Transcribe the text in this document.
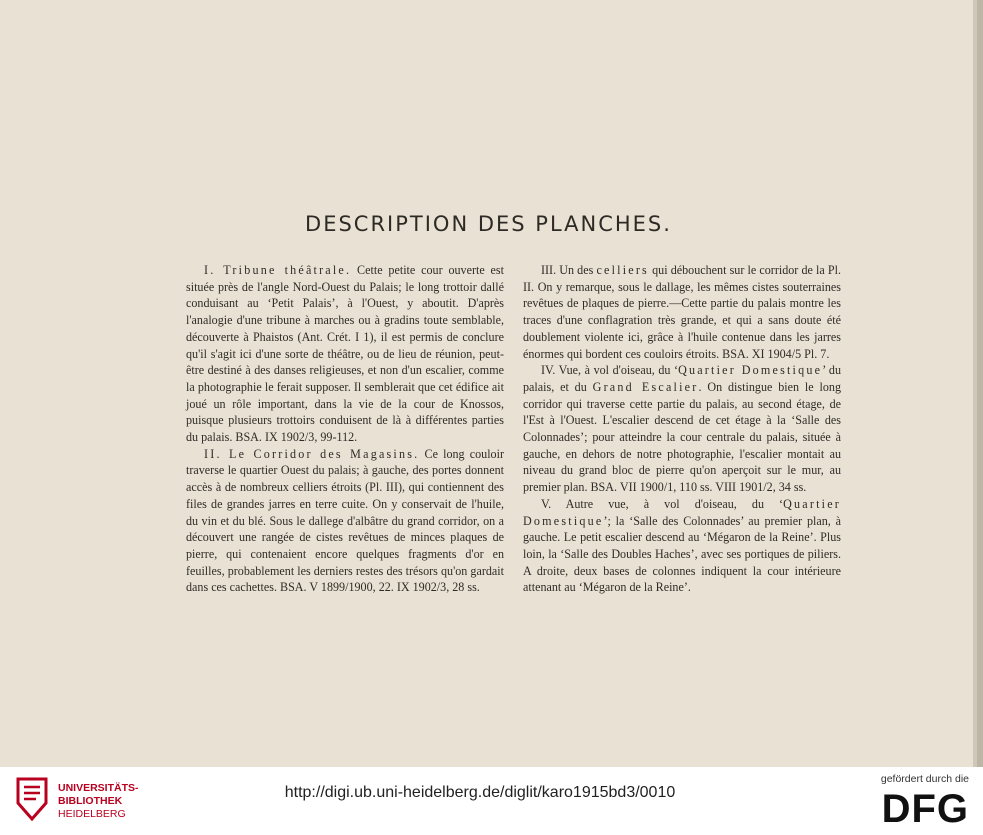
DESCRIPTION DES PLANCHES.

I. Tribune théâtrale. Cette petite cour ouverte est située près de l'angle Nord-Ouest du Palais; le long trottoir dallé conduisant au ‘Petit Palais’, à l'Ouest, y aboutit. D'après l'analogie d'une tribune à marches ou à gradins toute semblable, découverte à Phaistos (Ant. Crét. I 1), il est permis de conclure qu'il s'agit ici d'une sorte de théâtre, ou de lieu de réunion, peut-être destiné à des danses religieuses, et non d'un escalier, comme la photographie le ferait supposer. Il semblerait que cet édifice ait joué un rôle important, dans la vie de la cour de Knossos, puisque plusieurs trottoirs conduisent de là à différentes parties du palais. BSA. IX 1902/3, 99-112.

II. Le Corridor des Magasins. Ce long couloir traverse le quartier Ouest du palais; à gauche, des portes donnent accès à de nombreux celliers étroits (Pl. III), qui contiennent des files de grandes jarres en terre cuite. On y conservait de l'huile, du vin et du blé. Sous le dallege d'albâtre du grand corridor, on a découvert une rangée de cistes revêtues de minces plaques de pierre, qui contenaient encore quelques fragments d'or en feuilles, probablement les derniers restes des trésors qu'on gardait dans ces cachettes. BSA. V 1899/1900, 22. IX 1902/3, 28 ss.

III. Un des celliers qui débouchent sur le corridor de la Pl. II. On y remarque, sous le dallage, les mêmes cistes souterraines revêtues de plaques de pierre.—Cette partie du palais montre les traces d'une conflagration très grande, et qui a sans doute été doublement violente ici, grâce à l'huile contenue dans les jarres énormes qui bordent ces couloirs étroits. BSA. XI 1904/5 Pl. 7.

IV. Vue, à vol d'oiseau, du ‘Quartier Domestique’ du palais, et du Grand Escalier. On distingue bien le long corridor qui traverse cette partie du palais, au second étage, de l'Est à l'Ouest. L'escalier descend de cet étage à la ‘Salle des Colonnades’; pour atteindre la cour centrale du palais, située à gauche, en dehors de notre photographie, l'escalier montait au niveau du grand bloc de pierre qu'on aperçoit sur le mur, au premier plan. BSA. VII 1900/1, 110 ss. VIII 1901/2, 34 ss.

V. Autre vue, à vol d'oiseau, du ‘Quartier Domestique’; la ‘Salle des Colonnades’ au premier plan, à gauche. Le petit escalier descend au ‘Mégaron de la Reine’. Plus loin, la ‘Salle des Doubles Haches’, avec ses portiques de piliers. A droite, deux bases de colonnes indiquent la cour intérieure attenant au ‘Mégaron de la Reine’.

UNIVERSITÄTS-
BIBLIOTHEK
HEIDELBERG
http://digi.ub.uni-heidelberg.de/diglit/karo1915bd3/0010
gefördert durch die
DFG
